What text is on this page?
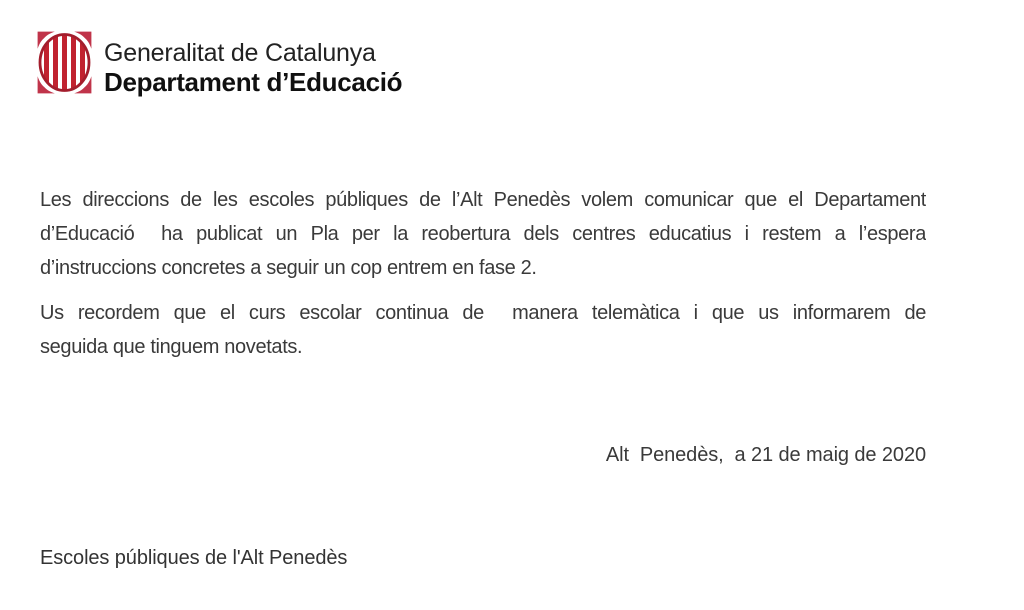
Generalitat de Catalunya
Departament d’Educació
Les direccions de les escoles públiques de l’Alt Penedès volem comunicar que el Departament
d’Educació  ha publicat un Pla per la reobertura dels centres educatius i restem a l’espera
d’instruccions concretes a seguir un cop entrem en fase 2.
Us recordem que el curs escolar continua de  manera telemàtica i que us informarem de
seguida que tinguem novetats.
Alt  Penedès,  a 21 de maig de 2020
Escoles públiques de l'Alt Penedès
